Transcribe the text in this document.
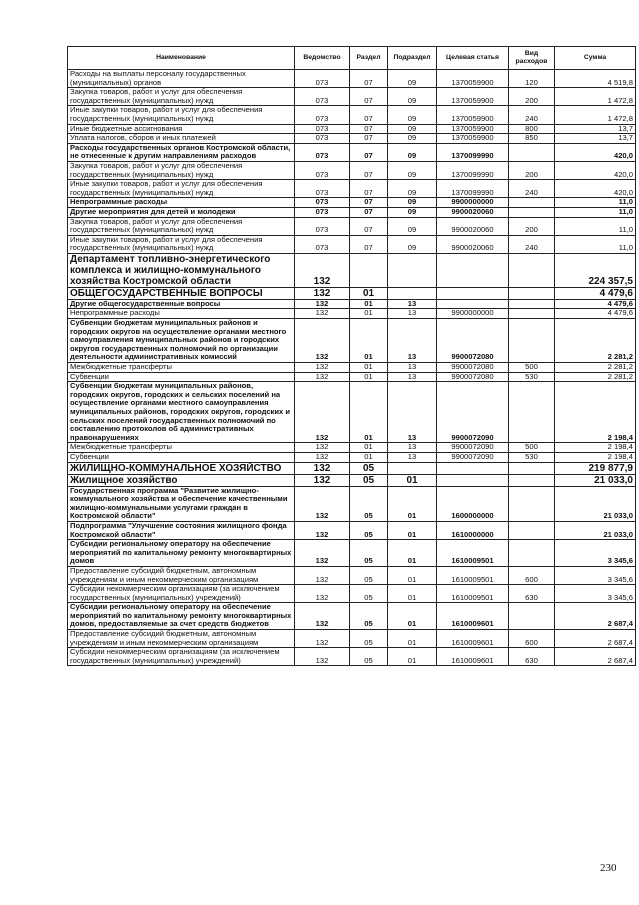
Наименование	Ведомство	Раздел	Подраздел	Целевая статья	Вид расходов	Сумма
Расходы на выплаты персоналу государственных (муниципальных) органов	073	07	09	1370059900	120	4 519,8
Закупка товаров, работ и услуг для обеспечения государственных (муниципальных) нужд	073	07	09	1370059900	200	1 472,8
Иные закупки товаров, работ и услуг для обеспечения государственных (муниципальных) нужд	073	07	09	1370059900	240	1 472,8
Иные бюджетные ассигнования	073	07	09	1370059900	800	13,7
Уплата налогов, сборов и иных платежей	073	07	09	1370059900	850	13,7
Расходы государственных органов Костромской области, не отнесенные к другим направлениям расходов	073	07	09	1370099990		420,0
Закупка товаров, работ и услуг для обеспечения государственных (муниципальных) нужд	073	07	09	1370099990	200	420,0
Иные закупки товаров, работ и услуг для обеспечения государственных (муниципальных) нужд	073	07	09	1370099990	240	420,0
Непрограммные расходы	073	07	09	9900000000		11,0
Другие мероприятия для детей и молодежи	073	07	09	9900020060		11,0
Закупка товаров, работ и услуг для обеспечения государственных (муниципальных) нужд	073	07	09	9900020060	200	11,0
Иные закупки товаров, работ и услуг для обеспечения государственных (муниципальных) нужд	073	07	09	9900020060	240	11,0
Департамент топливно-энергетического комплекса и жилищно-коммунального хозяйства Костромской области	132					224 357,5
ОБЩЕГОСУДАРСТВЕННЫЕ ВОПРОСЫ	132	01				4 479,6
Другие общегосударственные вопросы	132	01	13			4 479,6
Непрограммные расходы	132	01	13	9900000000		4 479,6
Субвенции бюджетам муниципальных районов и городских округов на осуществление органами местного самоуправления муниципальных районов и городских округов государственных полномочий по организации деятельности административных комиссий	132	01	13	9900072080		2 281,2
Межбюджетные трансферты	132	01	13	9900072080	500	2 281,2
Субвенции	132	01	13	9900072080	530	2 281,2
Субвенции бюджетам муниципальных районов, городских округов, городских и сельских поселений на осуществление органами местного самоуправления муниципальных районов, городских округов, городских и сельских поселений государственных полномочий по составлению протоколов об административных правонарушениях	132	01	13	9900072090		2 198,4
Межбюджетные трансферты	132	01	13	9900072090	500	2 198,4
Субвенции	132	01	13	9900072090	530	2 198,4
ЖИЛИЩНО-КОММУНАЛЬНОЕ ХОЗЯЙСТВО	132	05				219 877,9
Жилищное хозяйство	132	05	01			21 033,0
Государственная программа "Развитие жилищно-коммунального хозяйства и обеспечение качественными жилищно-коммунальными услугами граждан в Костромской области"	132	05	01	1600000000		21 033,0
Подпрограмма "Улучшение состояния жилищного фонда Костромской области"	132	05	01	1610000000		21 033,0
Субсидии региональному оператору на обеспечение мероприятий по капитальному ремонту многоквартирных домов	132	05	01	1610009501		3 345,6
Предоставление субсидий бюджетным, автономным учреждениям и иным некоммерческим организациям	132	05	01	1610009501	600	3 345,6
Субсидии некоммерческим организациям (за исключением государственных (муниципальных) учреждений)	132	05	01	1610009501	630	3 345,6
Субсидии региональному оператору на обеспечение мероприятий по капитальному ремонту многоквартирных домов, предоставляемые за счет средств бюджетов	132	05	01	1610009601		2 687,4
Предоставление субсидий бюджетным, автономным учреждениям и иным некоммерческим организациям	132	05	01	1610009601	600	2 687,4
Субсидии некоммерческим организациям (за исключением государственных (муниципальных) учреждений)	132	05	01	1610009601	630	2 687,4
230
